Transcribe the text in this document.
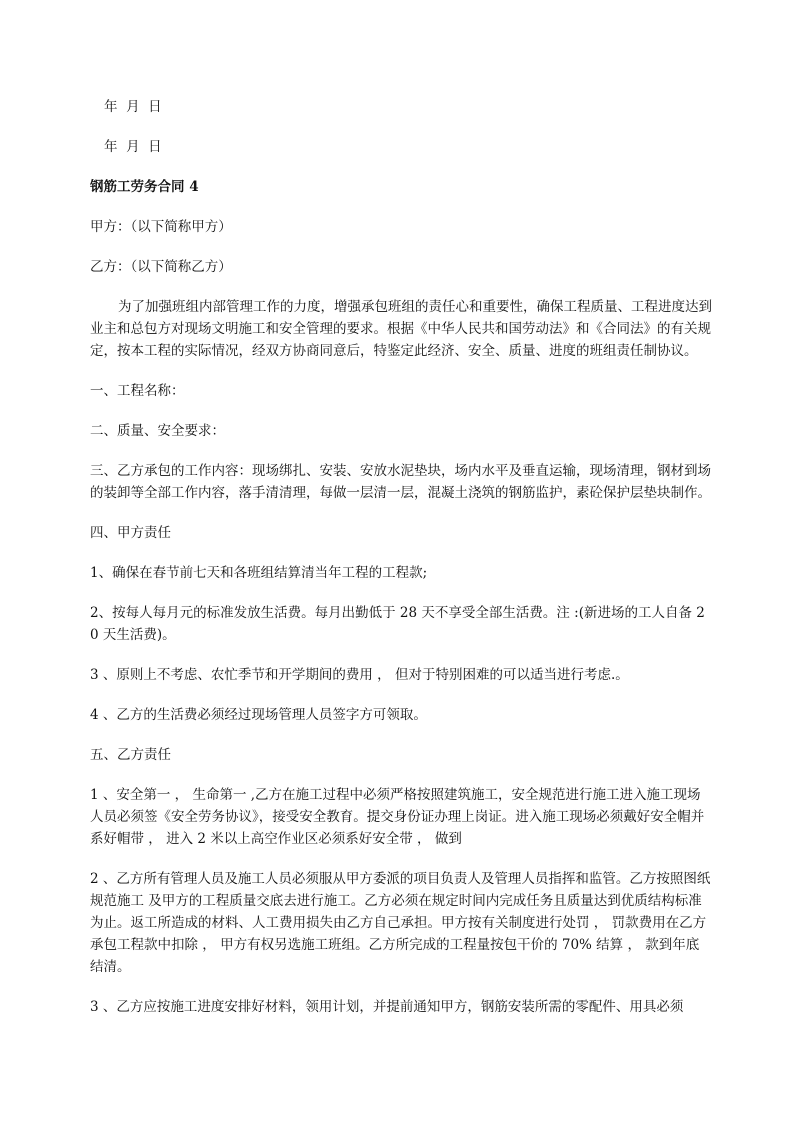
年  月  日

年  月  日

钢筋工劳务合同 4

甲方：（以下简称甲方）

乙方：（以下简称乙方）

为了加强班组内部管理工作的力度，增强承包班组的责任心和重要性，确保工程质量、工程进度达到业主和总包方对现场文明施工和安全管理的要求。根据《中华人民共和国劳动法》和《合同法》的有关规定，按本工程的实际情况，经双方协商同意后，特鉴定此经济、安全、质量、进度的班组责任制协议。

一、工程名称：

二、质量、安全要求：

三、乙方承包的工作内容：现场绑扎、安装、安放水泥垫块，场内水平及垂直运输，现场清理，钢材到场的装卸等全部工作内容，落手清清理，每做一层清一层，混凝土浇筑的钢筋监护，素砼保护层垫块制作。

四、甲方责任

1、确保在春节前七天和各班组结算清当年工程的工程款;

2、按每人每月元的标准发放生活费。每月出勤低于 28 天不享受全部生活费。注 :(新进场的工人自备 20 天生活费)。

3 、原则上不考虑、农忙季节和开学期间的费用 ， 但对于特别困难的可以适当进行考虑.。

4 、乙方的生活费必须经过现场管理人员签字方可领取。

五、乙方责任

1 、安全第一 ， 生命第一 ,乙方在施工过程中必须严格按照建筑施工，安全规范进行施工进入施工现场人员必须签《安全劳务协议》，接受安全教育。提交身份证办理上岗证。进入施工现场必须戴好安全帽并系好帽带 ， 进入 2 米以上高空作业区必须系好安全带 ， 做到

2 、乙方所有管理人员及施工人员必须服从甲方委派的项目负责人及管理人员指挥和监管。乙方按照图纸规范施工 及甲方的工程质量交底去进行施工。乙方必须在规定时间内完成任务且质量达到优质结构标准为止。返工所造成的材料、人工费用损失由乙方自己承担。甲方按有关制度进行处罚 ， 罚款费用在乙方承包工程款中扣除 ， 甲方有权另选施工班组。乙方所完成的工程量按包干价的 70% 结算 ， 款到年底结清。

3 、乙方应按施工进度安排好材料，领用计划，并提前通知甲方，钢筋安装所需的零配件、用具必须
